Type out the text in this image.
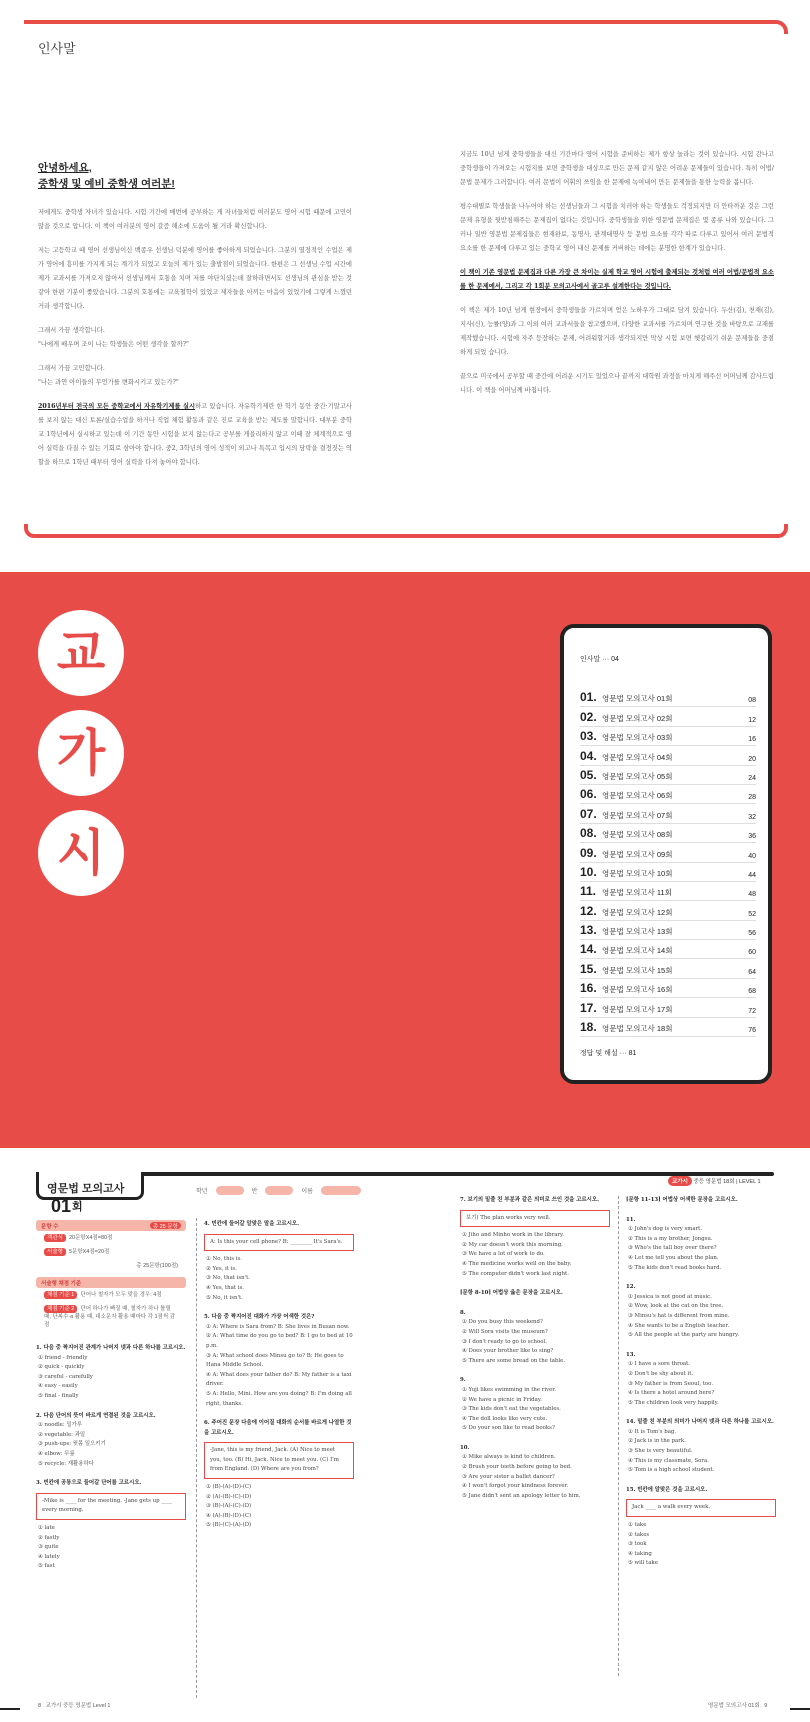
인사말
안녕하세요,
중학생 및 예비 중학생 여러분!

저에게도 중학생 자녀가 있습니다. 시험 기간에 매번에 공부하는 게 자녀들처럼 여러분도 영어 시험 때문에 고민이 많을 것으로 압니다. 이 책이 여러분의 영어 갈증 해소에 도움이 될 거라 확신합니다.

저는 고등학교 때 영어 선생님이신 백종우 선생님 덕분에 영어를 좋아하게 되었습니다. 그분의 열정적인 수업은 제가 영어에 흥미를 가지게 되는 계기가 되었고 오늘의 제가 있는 출발점이 되었습니다. 한편은 그 선생님 수업 시간에 제가 교과서를 가져오지 않아서 선생님께서 호통을 치며 저를 야단치셨는데 잘하라면서도 선생님의 관심을 받는 것 같아 한편 기분이 좋았습니다. 그분의 호통에는 교육철학이 있었고 제자들을 아끼는 마음이 있었기에 그렇게 느꼈던 거라 생각합니다.

그래서 가끔 생각합니다.

"나에게 배우며 조이 나는 학생들은 어떤 생각을 할까?"

그래서 가끔 고민합니다.

"나는 과연 아이들의 무언가를 변화시키고 있는가?"

2016년부터 전국의 모든 중학교에서 자유학기제를 실시하고 있습니다. 자유학기제란 한 학기 동안 중간·기말고사를 보지 않는 대신 토론/실습수업을 하거나 직업 체험 활동과 같은 진로 교육을 받는 제도를 말합니다. 대부분 중학교 1학년에서 실시하고 있는데 이 기간 동안 시험을 보지 않는다고 공부를 게을리하지 않고 이때 잘 체계적으로 영어 실력을 다질 수 있는 기회로 삼아야 합니다. 중2, 3학년의 영어 성적이 외고나 특목고 입시의 당락을 결정짓는 역할을 하므로 1학년 때부터 영어 실력을 다져 놓아야 합니다.

지금도 10년 넘게 중학생들을 대신 기간마다 영어 시험을 준비하는 제가 항상 놀라는 것이 있습니다. 시험 감나고 중학생들이 가져오는 시험지를 보면 중학생을 대상으로 만든 문제 같지 않은 어려운 문제들이 있습니다. 특히 어법/문법 문제가 그러합니다. 여러 문법이 어휘의 쓰임을 한 문제에 녹여내어 만든 문제들을 통한 능력을 봅니다.

평수대별로 학생들을 나누어야 하는 선생님들과 그 시험을 치러야 하는 학생들도 걱정되지만 더 안타까운 것은 그런 문제 유형을 뒷받침해주는 문제집이 없다는 것입니다. 중학생들을 위한 영문법 문제집은 몇 종류 나와 있습니다. 그러나 일반 영문법 문제집들은 현재완료, 동명사, 관계대명사 등 문법 요소를 각각 따로 다루고 있어서 여러 문법적 요소를 한 문제에 다루고 있는 중학교 영어 내신 문제를 커버하는 데에는 분명한 한계가 있습니다.

이 책이 기존 영문법 문제집과 다른 가장 큰 차이는 실제 학교 영어 시험에 출제되는 것처럼 여러 어법/문법적 요소를 한 문제에서, 그리고 각 1회분 모의고사에서 골고루 설계한다는 것입니다.

이 책은 제가 10년 넘게 현장에서 중학생들을 가르치며 얻은 노하우가 그대로 담겨 있습니다. 두산(김), 천재(김), 지사(신), 능률(양)과 그 이외 여러 교과서들을 참고했으며, 다양한 교과서를 가르치며 연구한 것을 바탕으로 교재를 제작했습니다. 시험에 자주 등장하는 문제, 어려워할거라 생각되지만 막상 시험 보면 헷갈리기 쉬운 문제들을 중점하게 되었 습니다.

끝으로 미국에서 공부할 때 중간에 어려운 시기도 있었으나 끝까지 대학원 과정을 마치게 해주신 어머님께 감사드립니다. 이 책을 어머님께 바칩니다.

교
가
시
인사말 ··· 04
01. 영문법 모의고사 01회	08
02. 영문법 모의고사 02회	12
03. 영문법 모의고사 03회	16
04. 영문법 모의고사 04회	20
05. 영문법 모의고사 05회	24
06. 영문법 모의고사 06회	28
07. 영문법 모의고사 07회	32
08. 영문법 모의고사 08회	36
09. 영문법 모의고사 09회	40
10. 영문법 모의고사 10회	44
11. 영문법 모의고사 11회	48
12. 영문법 모의고사 12회	52
13. 영문법 모의고사 13회	56
14. 영문법 모의고사 14회	60
15. 영문법 모의고사 15회	64
16. 영문법 모의고사 16회	68
17. 영문법 모의고사 17회	72
18. 영문법 모의고사 18회	76
정답 및 해설 ··· 81
영문법 모의고사01회
학년	반	이름
교가시 중등 영문법 18회 | LEVEL 1
문항 수	총 25 문항
객관식 20문항X4점=80점
서술형 5문항X4점=20점
총 25문항(100점)
서술형 채점 기준
채점 기준 1 단어나 철자가 모두 맞을 경우: 4점
채점 기준 2 단어 하나가 빠질 때, 철자가 하나 틀릴 때, 단복수·a 활용 때, 대소문자 활용 때마다 각 1점씩 감점
1. 다음 중 짝지어진 관계가 나머지 넷과 다른 하나를 고르시오.
① friend - friendly
② quick - quickly
③ careful - carefully
④ easy - easily
⑤ final - finally
2. 다음 단어의 뜻이 바르게 연결된 것을 고르시오.
① noodle: 밀가루
② vegetable: 과일
③ push-ups: 윗몸 일으키기
④ elbow: 무릎
⑤ recycle: 재활용하다
3. 빈칸에 공통으로 들어갈 단어를 고르시오.
-Mike is ____ for the meeting. -Jane gets up ____ every morning.
① late
② fastly
③ quite
④ lately
⑤ fast
4. 빈칸에 들어갈 알맞은 말을 고르시오.
A: Is this your cell phone? B: ________ It's Sara's.
① No, this is.
② Yes, it is.
③ No, that isn't.
④ Yes, that is.
⑤ No, it isn't.
5. 다음 중 짝지어진 대화가 가장 어색한 것은?
① A: Where is Sara from? B: She lives in Busan now.
② A: What time do you go to bed? B: I go to bed at 10 p.m.
③ A: What school does Minsu go to? B: He goes to Hana Middle School.
④ A: What does your father do? B: My father is a taxi driver.
⑤ A: Hello, Mini. How are you doing? B: I'm doing all right, thanks.
6. 주어진 문장 다음에 이어질 대화의 순서를 바르게 나열한 것을 고르시오.
-Jane, this is my friend, Jack. (A) Nice to meet you, too. (B) Hi, Jack. Nice to meet you. (C) I'm from England. (D) Where are you from?
① (B)-(A)-(D)-(C)
② (A)-(B)-(C)-(D)
③ (B)-(A)-(C)-(D)
④ (A)-(B)-(D)-(C)
⑤ (B)-(C)-(A)-(D)
7. 보기의 밑줄 친 부분과 같은 의미로 쓰인 것을 고르시오.
보기) The plan works very well.
① Jiho and Minho work in the library.
② My car doesn't work this morning.
③ We have a lot of work to do.
④ The medicine works well on the baby.
⑤ The computer didn't work last night.
[문항 8-10] 어법상 옳은 문장을 고르시오.
8.
① Do you busy this weekend?
② Will Sora visits the museum?
③ I don't ready to go to school.
④ Does your brother like to sing?
⑤ There are some bread on the table.
9.
① Yuji likes swimming in the river.
② We have a picnic in Friday.
③ The kids don't eat the vegetables.
④ The doll looks like very cute.
⑤ Do your son like to read books?
10.
① Mike always is kind to children.
② Brush your teeth before going to bed.
③ Are your sister a ballet dancer?
④ I won't forgot your kindness forever.
⑤ Jane didn't sent an apology letter to him.
[문항 11-13] 어법상 어색한 문장을 고르시오.
11.
① John's dog is very smart.
② This is a my brother, Jongsu.
③ Who's the tall boy over there?
④ Let me tell you about the plan.
⑤ The kids don't read books hard.
12.
① Jessica is not good at music.
② Wow, look at the cat on the tree.
③ Minsu's hat is different from mine.
④ She wants to be a English teacher.
⑤ All the people at the party are hungry.
13.
① I have a sore throat.
② Don't be shy about it.
③ My father is from Seoul, too.
④ Is there a hotel around here?
⑤ The children look very happily.
14. 밑줄 친 부분의 의미가 나머지 넷과 다른 하나를 고르시오.
① It is Tom's bag.
② Jack is in the park.
③ She is very beautiful.
④ This is my classmate, Sora.
⑤ Tom is a high school student.
15. 빈칸에 알맞은 것을 고르시오.
Jack ____ a walk every week.
① take
② takes
③ took
④ taking
⑤ will take
8 교가시 중등 영문법 Level 1	영문법 모의고사 01회 9
